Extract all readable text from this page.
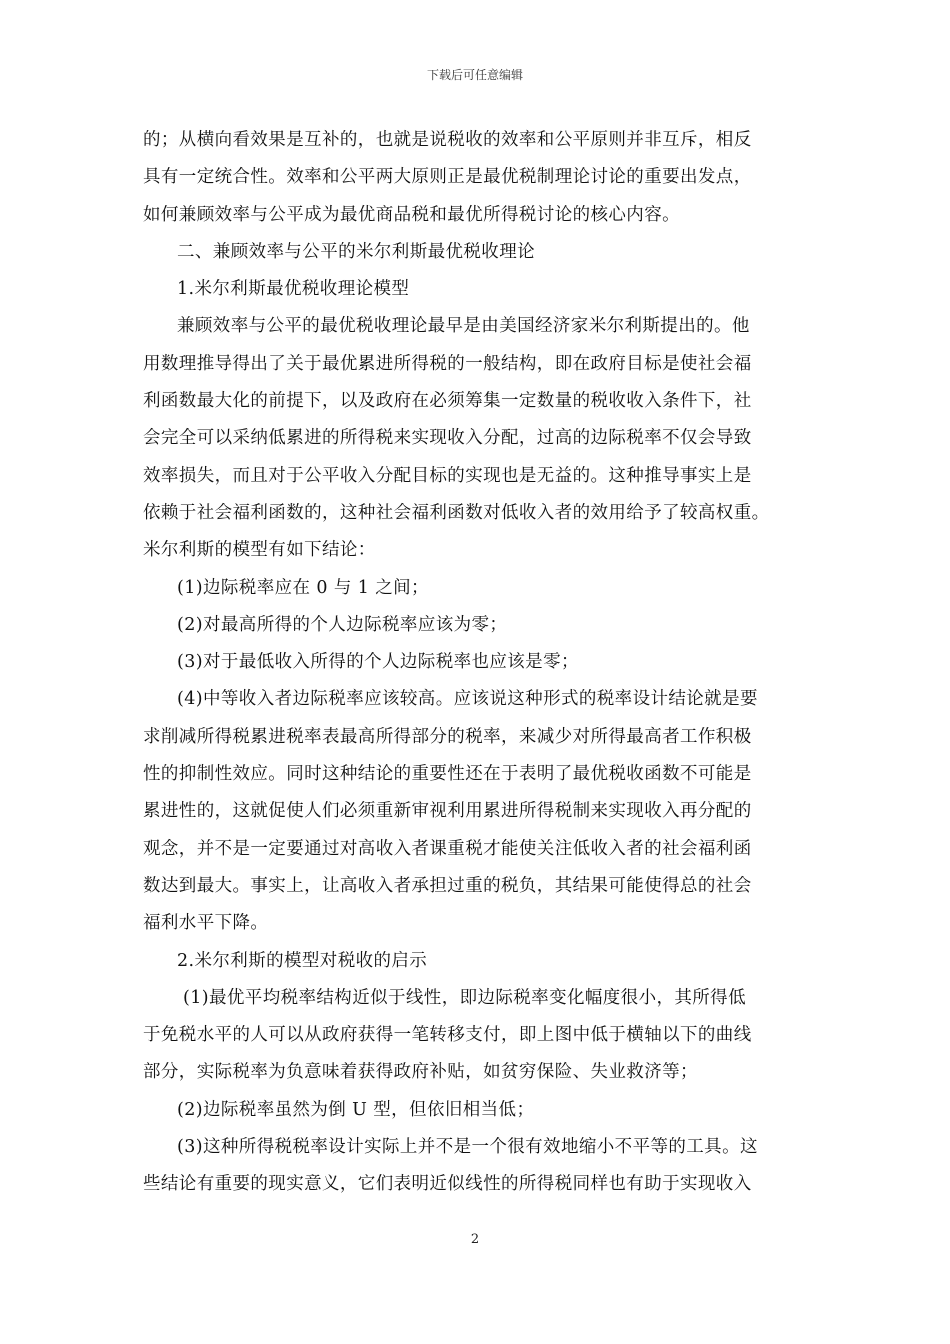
下载后可任意编辑
的；从横向看效果是互补的，也就是说税收的效率和公平原则并非互斥，相反
具有一定统合性。效率和公平两大原则正是最优税制理论讨论的重要出发点，
如何兼顾效率与公平成为最优商品税和最优所得税讨论的核心内容。
二、兼顾效率与公平的米尔利斯最优税收理论
1.米尔利斯最优税收理论模型
兼顾效率与公平的最优税收理论最早是由美国经济家米尔利斯提出的。他
用数理推导得出了关于最优累进所得税的一般结构，即在政府目标是使社会福
利函数最大化的前提下，以及政府在必须筹集一定数量的税收收入条件下，社
会完全可以采纳低累进的所得税来实现收入分配，过高的边际税率不仅会导致
效率损失，而且对于公平收入分配目标的实现也是无益的。这种推导事实上是
依赖于社会福利函数的，这种社会福利函数对低收入者的效用给予了较高权重。
米尔利斯的模型有如下结论：
(1)边际税率应在 0 与 1 之间；
(2)对最高所得的个人边际税率应该为零；
(3)对于最低收入所得的个人边际税率也应该是零；
(4)中等收入者边际税率应该较高。应该说这种形式的税率设计结论就是要
求削减所得税累进税率表最高所得部分的税率，来减少对所得最高者工作积极
性的抑制性效应。同时这种结论的重要性还在于表明了最优税收函数不可能是
累进性的，这就促使人们必须重新审视利用累进所得税制来实现收入再分配的
观念，并不是一定要通过对高收入者课重税才能使关注低收入者的社会福利函
数达到最大。事实上，让高收入者承担过重的税负，其结果可能使得总的社会
福利水平下降。
2.米尔利斯的模型对税收的启示
(1)最优平均税率结构近似于线性，即边际税率变化幅度很小，其所得低
于免税水平的人可以从政府获得一笔转移支付，即上图中低于横轴以下的曲线
部分，实际税率为负意味着获得政府补贴，如贫穷保险、失业救济等；
(2)边际税率虽然为倒 U 型，但依旧相当低；
(3)这种所得税税率设计实际上并不是一个很有效地缩小不平等的工具。这
些结论有重要的现实意义，它们表明近似线性的所得税同样也有助于实现收入
2
